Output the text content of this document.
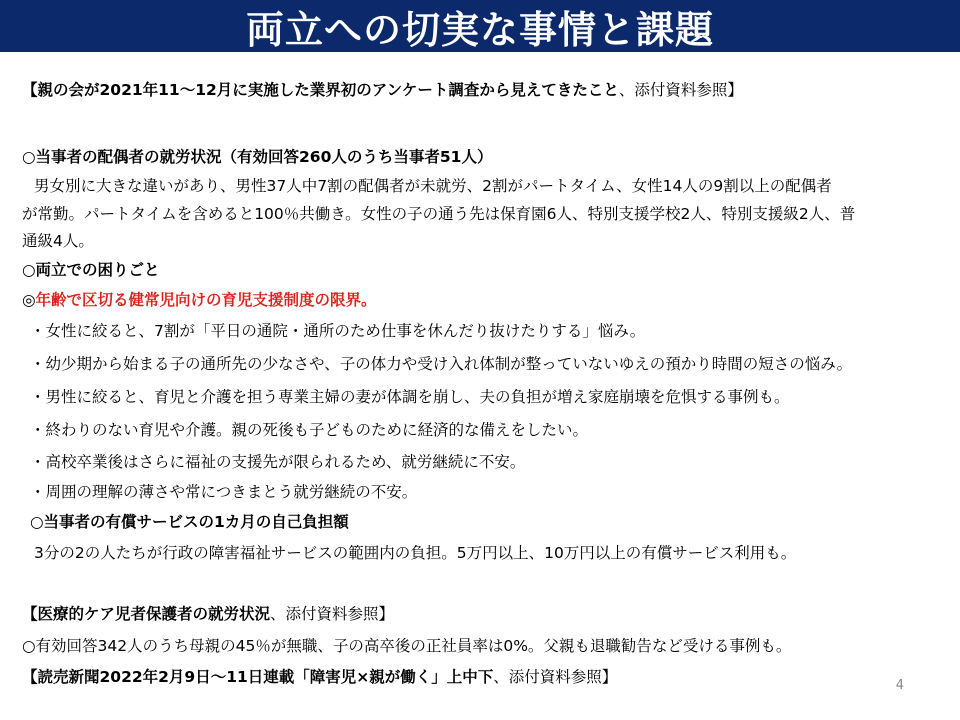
両立への切実な事情と課題
【親の会が2021年11～12月に実施した業界初のアンケート調査から見えてきたこと、添付資料参照】
○当事者の配偶者の就労状況（有効回答260人のうち当事者51人）
男女別に大きな違いがあり、男性37人中7割の配偶者が未就労、2割がパートタイム、女性14人の9割以上の配偶者
が常勤。パートタイムを含めると100％共働き。女性の子の通う先は保育園6人、特別支援学校2人、特別支援級2人、普
通級4人。
○両立での困りごと
◎年齢で区切る健常児向けの育児支援制度の限界。
・女性に絞ると、7割が「平日の通院・通所のため仕事を休んだり抜けたりする」悩み。
・幼少期から始まる子の通所先の少なさや、子の体力や受け入れ体制が整っていないゆえの預かり時間の短さの悩み。
・男性に絞ると、育児と介護を担う専業主婦の妻が体調を崩し、夫の負担が増え家庭崩壊を危惧する事例も。
・終わりのない育児や介護。親の死後も子どものために経済的な備えをしたい。
・高校卒業後はさらに福祉の支援先が限られるため、就労継続に不安。
・周囲の理解の薄さや常につきまとう就労継続の不安。
○当事者の有償サービスの1カ月の自己負担額
3分の2の人たちが行政の障害福祉サービスの範囲内の負担。5万円以上、10万円以上の有償サービス利用も。
【医療的ケア児者保護者の就労状況、添付資料参照】
○有効回答342人のうち母親の45％が無職、子の高卒後の正社員率は0%。父親も退職勧告など受ける事例も。
【読売新聞2022年2月9日～11日連載「障害児×親が働く」上中下、添付資料参照】	4
